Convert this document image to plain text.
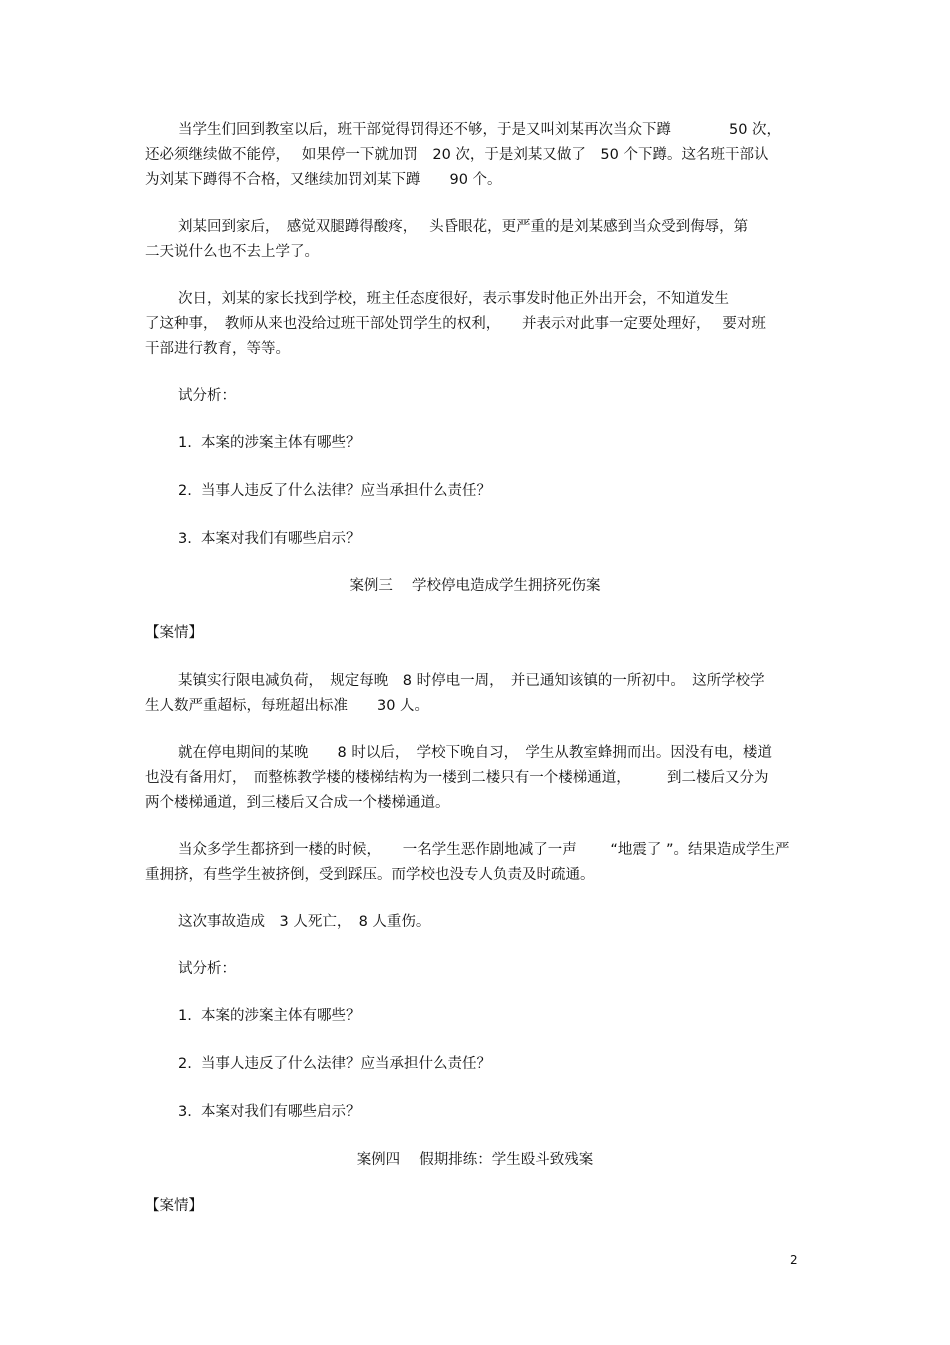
当学生们回到教室以后，班干部觉得罚得还不够，于是又叫刘某再次当众下蹲　　　　50 次，

还必须继续做不能停，　 如果停一下就加罚　20 次，于是刘某又做了　50 个下蹲。这名班干部认

为刘某下蹲得不合格，又继续加罚刘某下蹲　　90 个。

刘某回到家后，　感觉双腿蹲得酸疼，　 头昏眼花，更严重的是刘某感到当众受到侮辱，第

二天说什么也不去上学了。

次日，刘某的家长找到学校，班主任态度很好，表示事发时他正外出开会，不知道发生

了这种事，　教师从来也没给过班干部处罚学生的权利，　　并表示对此事一定要处理好，　 要对班

干部进行教育，等等。

试分析：

1.  本案的涉案主体有哪些？

2.  当事人违反了什么法律？应当承担什么责任？

3.  本案对我们有哪些启示？

案例三　 学校停电造成学生拥挤死伤案

【案情】

某镇实行限电减负荷，　规定每晚　8 时停电一周，　并已通知该镇的一所初中。　这所学校学

生人数严重超标，每班超出标准　　30 人。

就在停电期间的某晚　　8 时以后，　学校下晚自习，　学生从教室蜂拥而出。因没有电，楼道

也没有备用灯，　而整栋教学楼的楼梯结构为一楼到二楼只有一个楼梯通道，　　　到二楼后又分为

两个楼梯通道，到三楼后又合成一个楼梯通道。

当众多学生都挤到一楼的时候，　　一名学生恶作剧地减了一声　　 “地震了 ”。结果造成学生严

重拥挤，有些学生被挤倒，受到踩压。而学校也没专人负责及时疏通。

这次事故造成　3 人死亡，　8 人重伤。

试分析：

1.  本案的涉案主体有哪些？

2.  当事人违反了什么法律？应当承担什么责任？

3.  本案对我们有哪些启示？

案例四　 假期排练：学生殴斗致残案

【案情】

2
